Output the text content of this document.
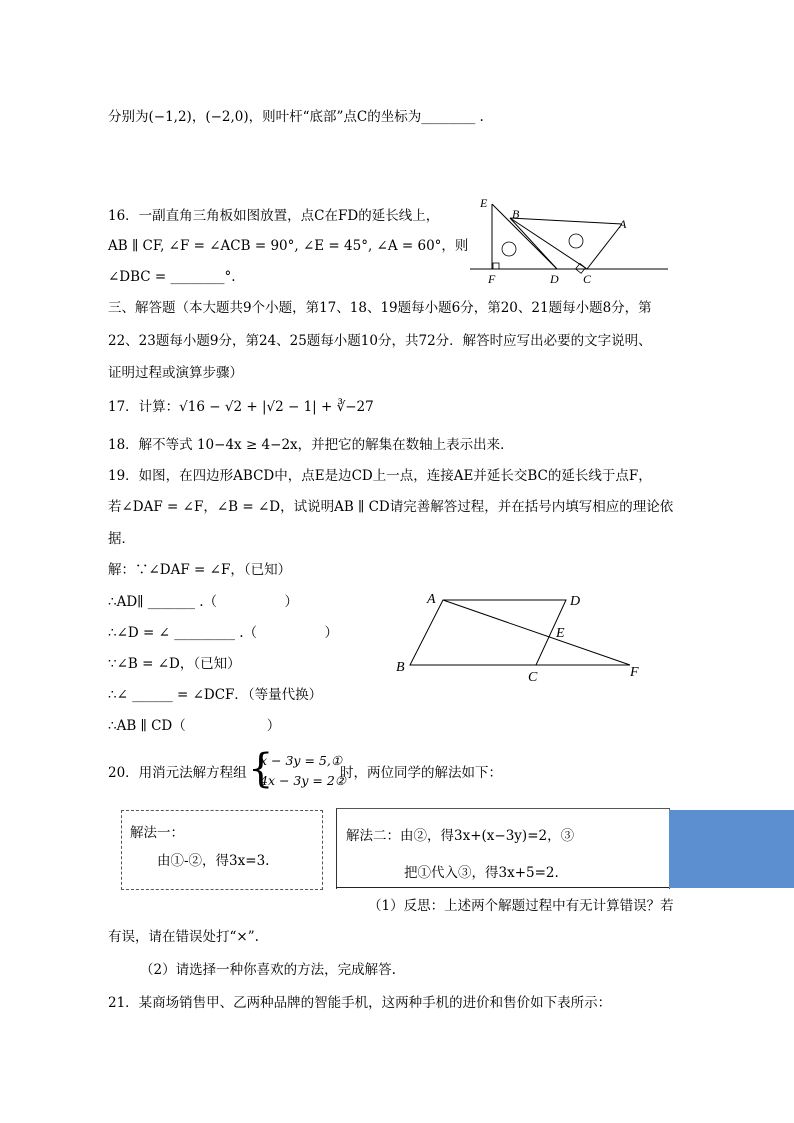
分别为(−1,2)，(−2,0)，则叶杆“底部”点C的坐标为________ .
16．一副直角三角板如图放置，点C在FD的延长线上，
AB ∥ CF, ∠F = ∠ACB = 90°, ∠E = 45°, ∠A = 60°，则
∠DBC = ________°.
E
B
A
F	D C
三、解答题（本大题共9个小题，第17、18、19题每小题6分，第20、21题每小题8分，第
22、23题每小题9分，第24、25题每小题10分，共72分．解答时应写出必要的文字说明、
证明过程或演算步骤）
17．计算：√16 − √2 + |√2 − 1| + ∛−27
18．解不等式 10−4x ≥ 4−2x，并把它的解集在数轴上表示出来．
19．如图，在四边形ABCD中，点E是边CD上一点，连接AE并延长交BC的延长线于点F，
若∠DAF = ∠F，∠B = ∠D，试说明AB ∥ CD请完善解答过程，并在括号内填写相应的理论依
据．
解：∵∠DAF = ∠F，（已知）
∴AD∥ _______ .（　　　　　）
∴∠D = ∠ _________ .（　　　　　）
∵∠B = ∠D，（已知）
∴∠ ______ = ∠DCF．（等量代换）
∴AB ∥ CD（　　　　　　）
A	D
E
B
C	F
20．用消元法解方程组 {
x − 3y = 5,①
4x − 3y = 2②
时，两位同学的解法如下：
解法一：
由①-②，得3x=3.
解法二：由②，得3x+(x−3y)=2，③
把①代入③，得3x+5=2.
（1）反思：上述两个解题过程中有无计算错误？若
有误，请在错误处打“×”.
（2）请选择一种你喜欢的方法，完成解答.
21．某商场销售甲、乙两种品牌的智能手机，这两种手机的进价和售价如下表所示：
